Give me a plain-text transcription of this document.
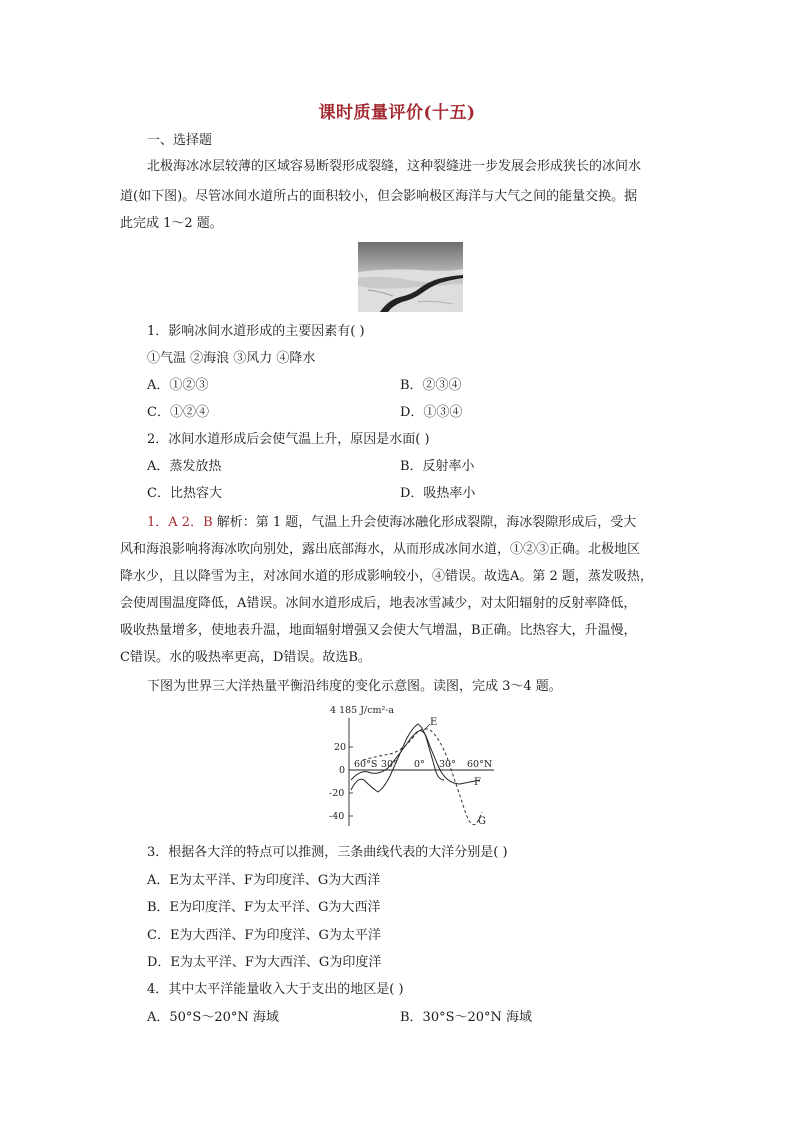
课时质量评价(十五)
一、选择题
北极海冰冰层较薄的区域容易断裂形成裂缝，这种裂缝进一步发展会形成狭长的冰间水
道(如下图)。尽管冰间水道所占的面积较小，但会影响极区海洋与大气之间的能量交换。据
此完成 1～2 题。
1．影响冰间水道形成的主要因素有( )
①气温 ②海浪 ③风力 ④降水
A．①②③	B．②③④
C．①②④	D．①③④
2．冰间水道形成后会使气温上升，原因是水面( )
A．蒸发放热	B．反射率小
C．比热容大	D．吸热率小
1．A 2．B 解析：第 1 题，气温上升会使海冰融化形成裂隙，海冰裂隙形成后，受大
风和海浪影响将海冰吹向别处，露出底部海水，从而形成冰间水道，①②③正确。北极地区
降水少，且以降雪为主，对冰间水道的形成影响较小，④错误。故选A。第 2 题，蒸发吸热，
会使周围温度降低，A错误。冰间水道形成后，地表冰雪减少，对太阳辐射的反射率降低，
吸收热量增多，使地表升温，地面辐射增强又会使大气增温，B正确。比热容大，升温慢，
C错误。水的吸热率更高，D错误。故选B。
下图为世界三大洋热量平衡沿纬度的变化示意图。读图，完成 3～4 题。
4 185 J/cm²·a
20
0
-20
-40
60°S 30° 0° 30° 60°N
E
F
G
3．根据各大洋的特点可以推测，三条曲线代表的大洋分别是( )
A．E为太平洋、F为印度洋、G为大西洋
B．E为印度洋、F为太平洋、G为大西洋
C．E为大西洋、F为印度洋、G为太平洋
D．E为太平洋、F为大西洋、G为印度洋
4．其中太平洋能量收入大于支出的地区是( )
A．50°S～20°N 海域	B．30°S～20°N 海域
